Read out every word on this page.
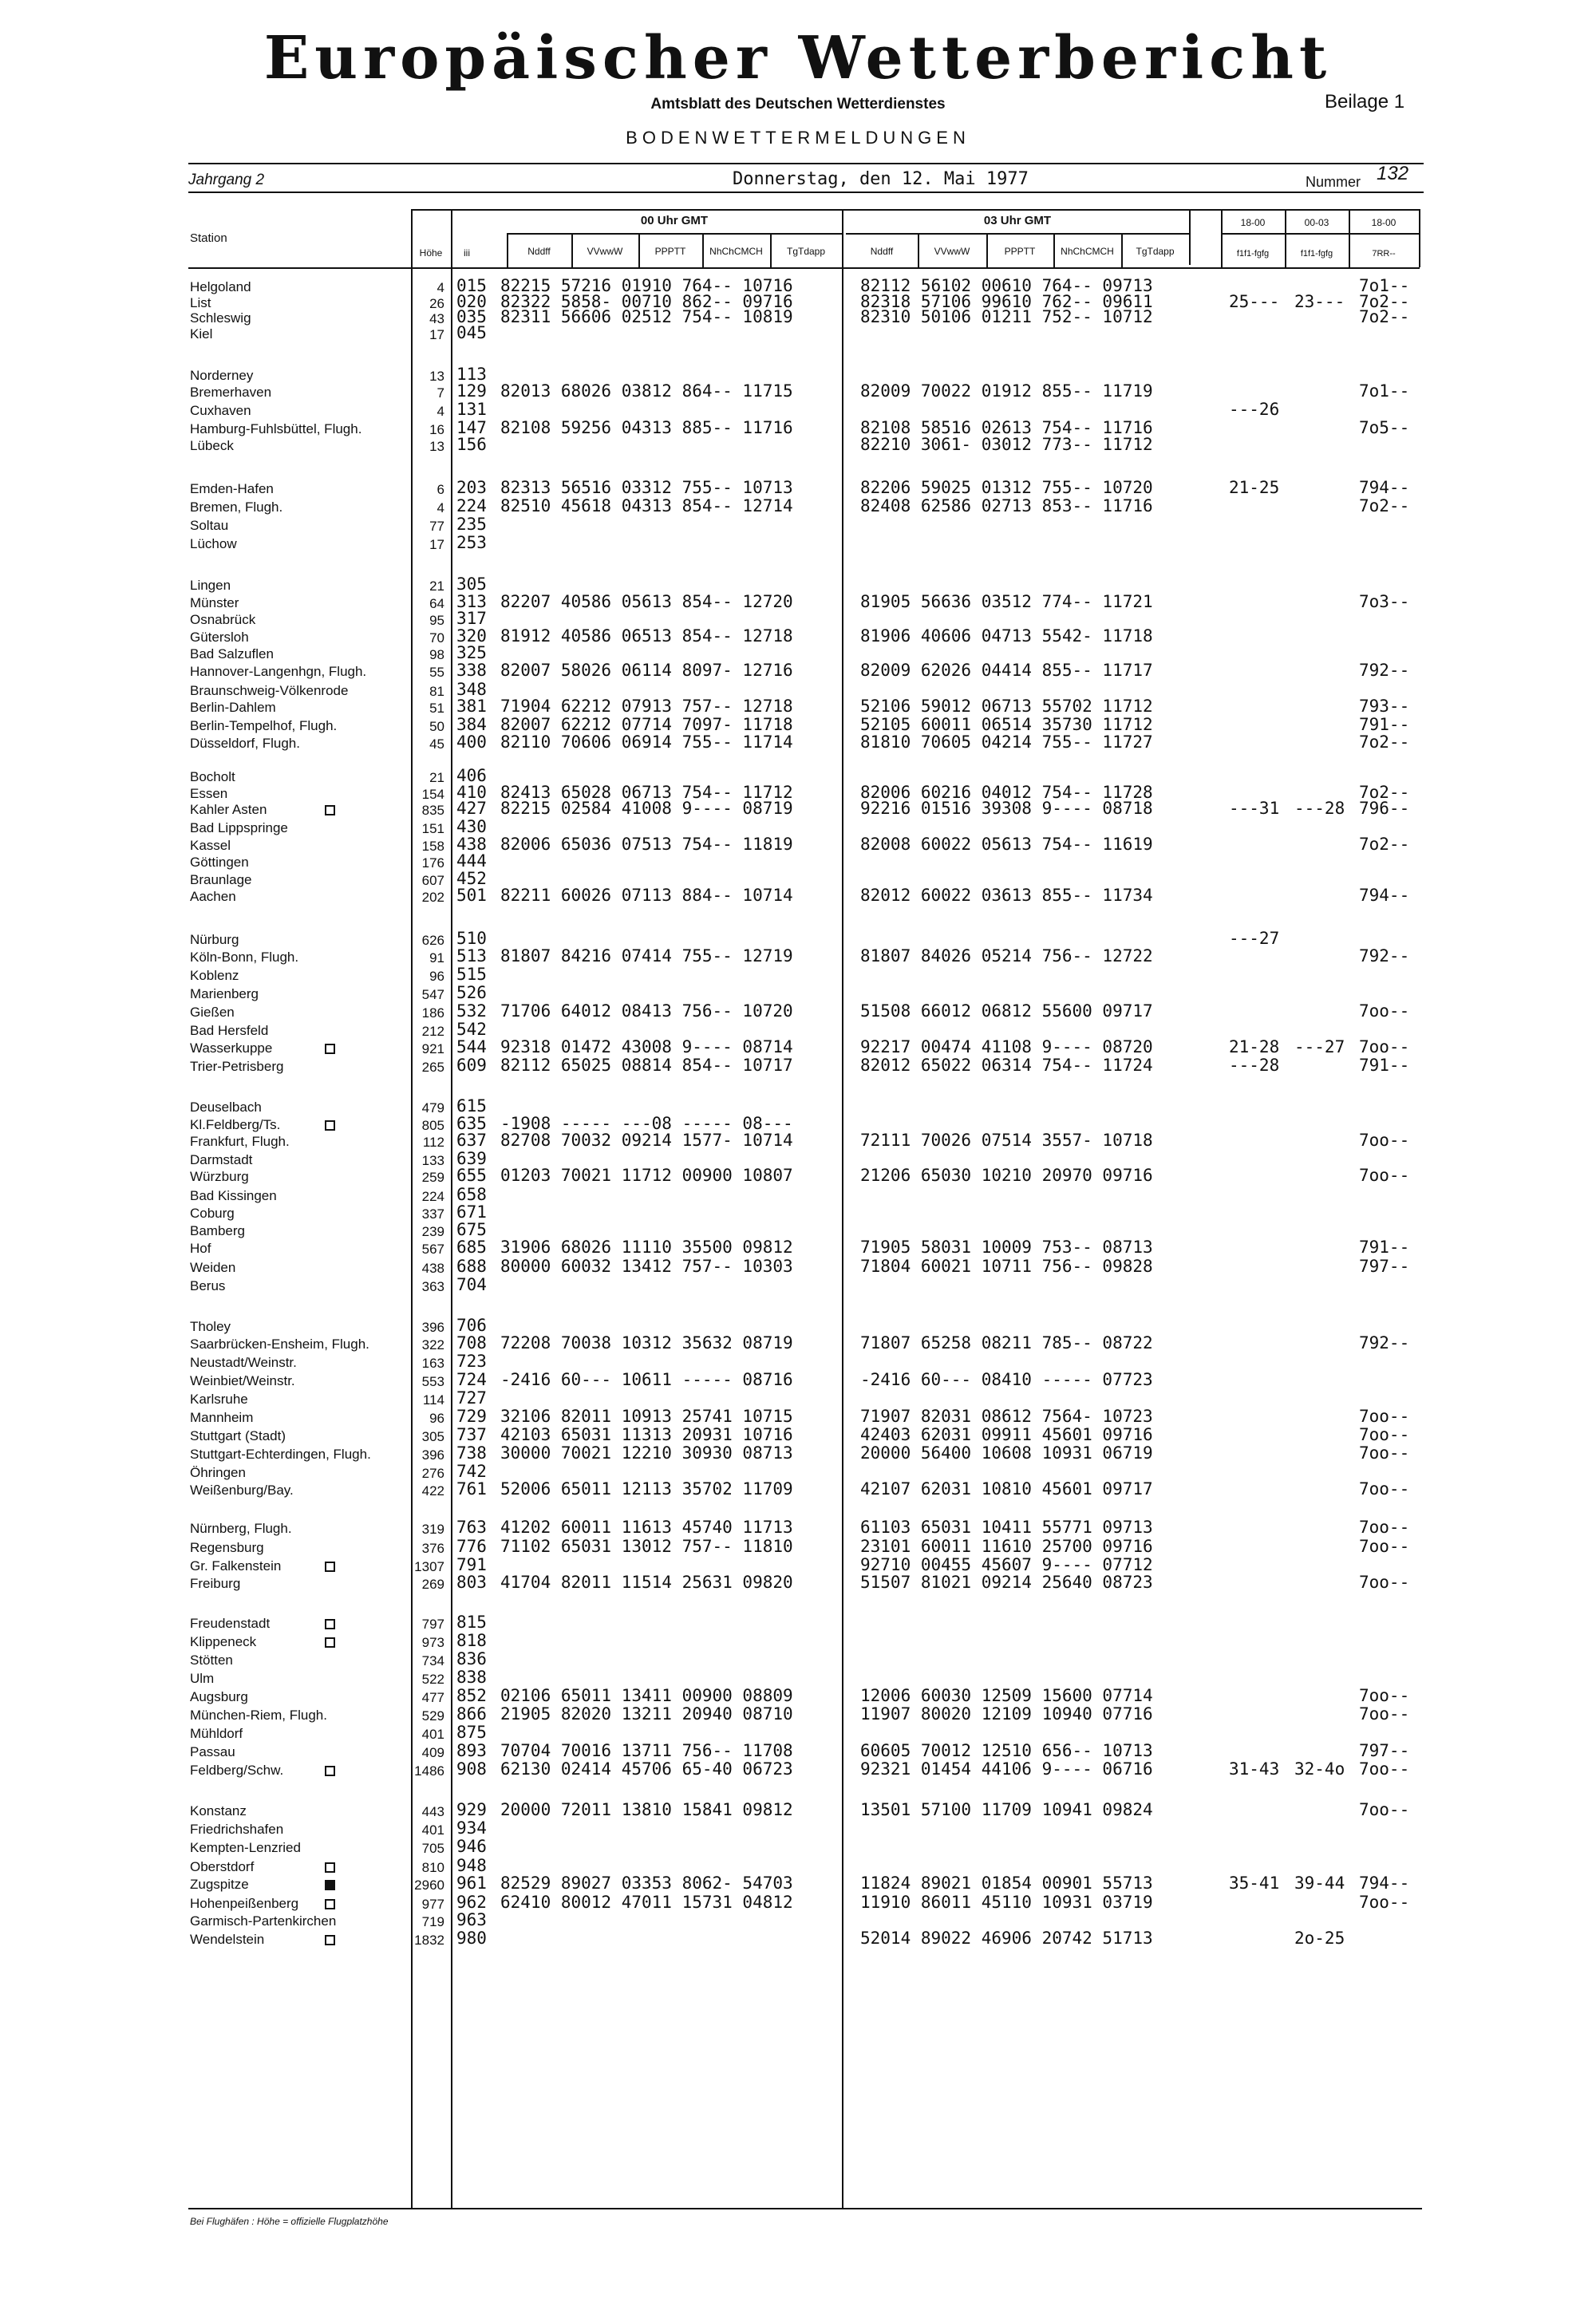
Europäischer Wetterbericht
Amtsblatt des Deutschen Wetterdienstes	Beilage 1
BODENWETTERMELDUNGEN
Jahrgang 2	Donnerstag, den 12. Mai 1977	Nummer 132
Station
Höhe	iii
00 Uhr GMT	03 Uhr GMT
Nddff	VVwwW	PPPTT	NhChCMCH	TgTdapp	Nddff	VVwwW	PPPTT	NhChCMCH	TgTdapp
18-00	00-03	18-00
f1f1-fgfg	f1f1-fgfg	7RR--
Helgoland	4 015 82215 57216 01910 764-- 10716	82112 56102 00610 764-- 09713	7o1--
List	26 020 82322 5858- 00710 862-- 09716	82318 57106 99610 762-- 09611	25--- 23--- 7o2--
Schleswig	43 035 82311 56606 02512 754-- 10819	82310 50106 01211 752-- 10712	7o2--
Kiel	17 045
Norderney	13 113
Bremerhaven	7 129 82013 68026 03812 864-- 11715	82009 70022 01912 855-- 11719	7o1--
Cuxhaven	4 131	---26
Hamburg-Fuhlsbüttel, Flugh.	16 147 82108 59256 04313 885-- 11716	82108 58516 02613 754-- 11716	7o5--
Lübeck	13 156	82210 3061- 03012 773-- 11712
Emden-Hafen	6 203 82313 56516 03312 755-- 10713	82206 59025 01312 755-- 10720	21-25	794--
Bremen, Flugh.	4 224 82510 45618 04313 854-- 12714	82408 62586 02713 853-- 11716	7o2--
Soltau	77 235
Lüchow	17 253
Lingen	21 305
Münster	64 313 82207 40586 05613 854-- 12720	81905 56636 03512 774-- 11721	7o3--
Osnabrück	95 317
Gütersloh	70 320 81912 40586 06513 854-- 12718	81906 40606 04713 5542- 11718
Bad Salzuflen	98 325
Hannover-Langenhgn, Flugh.	55 338 82007 58026 06114 8097- 12716	82009 62026 04414 855-- 11717	792--
Braunschweig-Völkenrode	81 348
Berlin-Dahlem	51 381 71904 62212 07913 757-- 12718	52106 59012 06713 55702 11712	793--
Berlin-Tempelhof, Flugh.	50 384 82007 62212 07714 7097- 11718	52105 60011 06514 35730 11712	791--
Düsseldorf, Flugh.	45 400 82110 70606 06914 755-- 11714	81810 70605 04214 755-- 11727	7o2--
Bocholt	21 406
Essen	154 410 82413 65028 06713 754-- 11712	82006 60216 04012 754-- 11728	7o2--
Kahler Asten	835 427 82215 02584 41008 9---- 08719	92216 01516 39308 9---- 08718	---31 ---28 796--
Bad Lippspringe	151 430
Kassel	158 438 82006 65036 07513 754-- 11819	82008 60022 05613 754-- 11619	7o2--
Göttingen	176 444
Braunlage	607 452
Aachen	202 501 82211 60026 07113 884-- 10714	82012 60022 03613 855-- 11734	794--
Nürburg	626 510	---27
Köln-Bonn, Flugh.	91 513 81807 84216 07414 755-- 12719	81807 84026 05214 756-- 12722	792--
Koblenz	96 515
Marienberg	547 526
Gießen	186 532 71706 64012 08413 756-- 10720	51508 66012 06812 55600 09717	7oo--
Bad Hersfeld	212 542
Wasserkuppe	921 544 92318 01472 43008 9---- 08714	92217 00474 41108 9---- 08720	21-28 ---27 7oo--
Trier-Petrisberg	265 609 82112 65025 08814 854-- 10717	82012 65022 06314 754-- 11724	---28	791--
Deuselbach	479 615
Kl.Feldberg/Ts.	805 635 -1908 ----- ---08 ----- 08---
Frankfurt, Flugh.	112 637 82708 70032 09214 1577- 10714	72111 70026 07514 3557- 10718	7oo--
Darmstadt	133 639
Würzburg	259 655 01203 70021 11712 00900 10807	21206 65030 10210 20970 09716	7oo--
Bad Kissingen	224 658
Coburg	337 671
Bamberg	239 675
Hof	567 685 31906 68026 11110 35500 09812	71905 58031 10009 753-- 08713	791--
Weiden	438 688 80000 60032 13412 757-- 10303	71804 60021 10711 756-- 09828	797--
Berus	363 704
Tholey	396 706
Saarbrücken-Ensheim, Flugh.	322 708 72208 70038 10312 35632 08719	71807 65258 08211 785-- 08722	792--
Neustadt/Weinstr.	163 723
Weinbiet/Weinstr.	553 724 -2416 60--- 10611 ----- 08716	-2416 60--- 08410 ----- 07723
Karlsruhe	114 727
Mannheim	96 729 32106 82011 10913 25741 10715	71907 82031 08612 7564- 10723	7oo--
Stuttgart (Stadt)	305 737 42103 65031 11313 20931 10716	42403 62031 09911 45601 09716	7oo--
Stuttgart-Echterdingen, Flugh.	396 738 30000 70021 12210 30930 08713	20000 56400 10608 10931 06719	7oo--
Öhringen	276 742
Weißenburg/Bay.	422 761 52006 65011 12113 35702 11709	42107 62031 10810 45601 09717	7oo--
Nürnberg, Flugh.	319 763 41202 60011 11613 45740 11713	61103 65031 10411 55771 09713	7oo--
Regensburg	376 776 71102 65031 13012 757-- 11810	23101 60011 11610 25700 09716	7oo--
Gr. Falkenstein	1307 791	92710 00455 45607 9---- 07712
Freiburg	269 803 41704 82011 11514 25631 09820	51507 81021 09214 25640 08723	7oo--
Freudenstadt	797 815
Klippeneck	973 818
Stötten	734 836
Ulm	522 838
Augsburg	477 852 02106 65011 13411 00900 08809	12006 60030 12509 15600 07714	7oo--
München-Riem, Flugh.	529 866 21905 82020 13211 20940 08710	11907 80020 12109 10940 07716	7oo--
Mühldorf	401 875
Passau	409 893 70704 70016 13711 756-- 11708	60605 70012 12510 656-- 10713	797--
Feldberg/Schw.	1486 908 62130 02414 45706 65-40 06723	92321 01454 44106 9---- 06716	31-43 32-4o 7oo--
Konstanz	443 929 20000 72011 13810 15841 09812	13501 57100 11709 10941 09824	7oo--
Friedrichshafen	401 934
Kempten-Lenzried	705 946
Oberstdorf	810 948
Zugspitze	2960 961 82529 89027 03353 8062- 54703	11824 89021 01854 00901 55713	35-41 39-44 794--
Hohenpeißenberg	977 962 62410 80012 47011 15731 04812	11910 86011 45110 10931 03719	7oo--
Garmisch-Partenkirchen	719 963
Wendelstein	1832 980	52014 89022 46906 20742 51713	2o-25
Bei Flughäfen : Höhe = offizielle Flugplatzhöhe
